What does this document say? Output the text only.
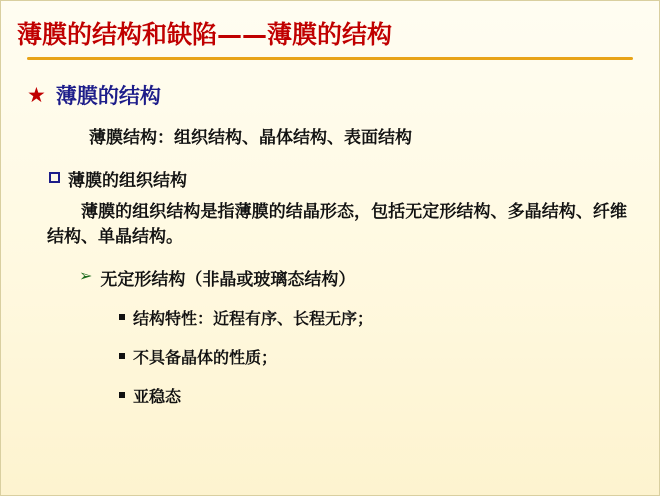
薄膜的结构和缺陷——薄膜的结构
★ 薄膜的结构
薄膜结构：组织结构、晶体结构、表面结构
薄膜的组织结构
薄膜的组织结构是指薄膜的结晶形态，包括无定形结构、多晶结构、纤维结构、单晶结构。
➢ 无定形结构（非晶或玻璃态结构）
结构特性：近程有序、长程无序；
不具备晶体的性质；
亚稳态
